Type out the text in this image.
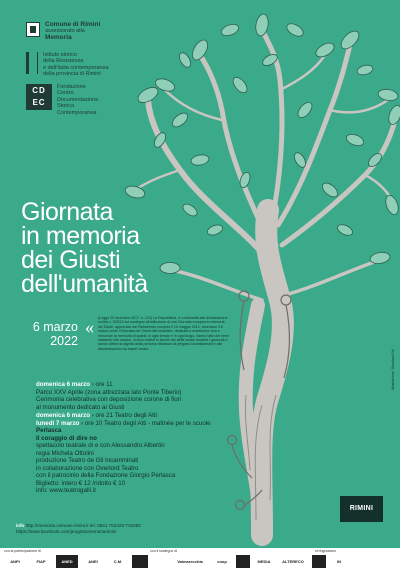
Comune di Rimini
assessorato alla
Memoria
Istituto storico
della Resistenza
e dell'Italia contemporanea
della provincia di Rimini
CD
EC
Fondazione
Centro
Documentazione
Storica
Contemporanea
Giornata
in memoria
dei Giusti
dell'umanità
6 marzo
2022
« (Legge 20 dicembre 2017, n. 212) La Repubblica, in conformità alla dichiarazione scritta n. 3/2012 sul sostegno all'istituzione di una Giornata europea in memoria dei Giusti, approvata dal Parlamento europeo il 10 maggio 2012, riconosce il 6 marzo come «Giornata dei Giusti dell'umanità», dedicata a mantenere viva e rinnovare la memoria di quanti, in ogni tempo e in ogni luogo, hanno fatto del bene salvando vite umane, si sono battuti in favore dei diritti umani durante i genocidi e hanno difeso la dignità della persona rifiutando di piegarsi ai totalitarismi e alle discriminazioni tra esseri umani.
domenica 6 marzo › ore 11
Parco XXV Aprile (zona attrezzata lato Ponte Tiberio)
Cerimonia celebrativa con deposizione corone di fiori
al monumento dedicato ai Giusti
domenica 6 marzo › ore 21 Teatro degli Atti
lunedì 7 marzo › ore 10 Teatro degli Atti - matinée per le scuole
Perlasca
Il coraggio di dire no
spettacolo teatrale di e con Alessandro Albertin
regia Michela Ottolini
produzione Teatro de Gli Incamminati
in collaborazione con Overlord Teatro
con il patrocinio della Fondazione Giorgio Perlasca
Biglietto: intero € 12 /ridotto € 10
info: www.teatrogalli.it
info http://memoria.comune.rimini.it tel. 0541 704422-704292
https://www.facebook.com/progettomemoriarimini
RIMINI
Illustrazione: Gianluca Foli
con la partecipazione di	con il sostegno di	si ringraziano
ANPI	FIAP	ANED	ANEI	C.M.	Valmarecchia	coop	MEDIA	ALTERECO	IN
